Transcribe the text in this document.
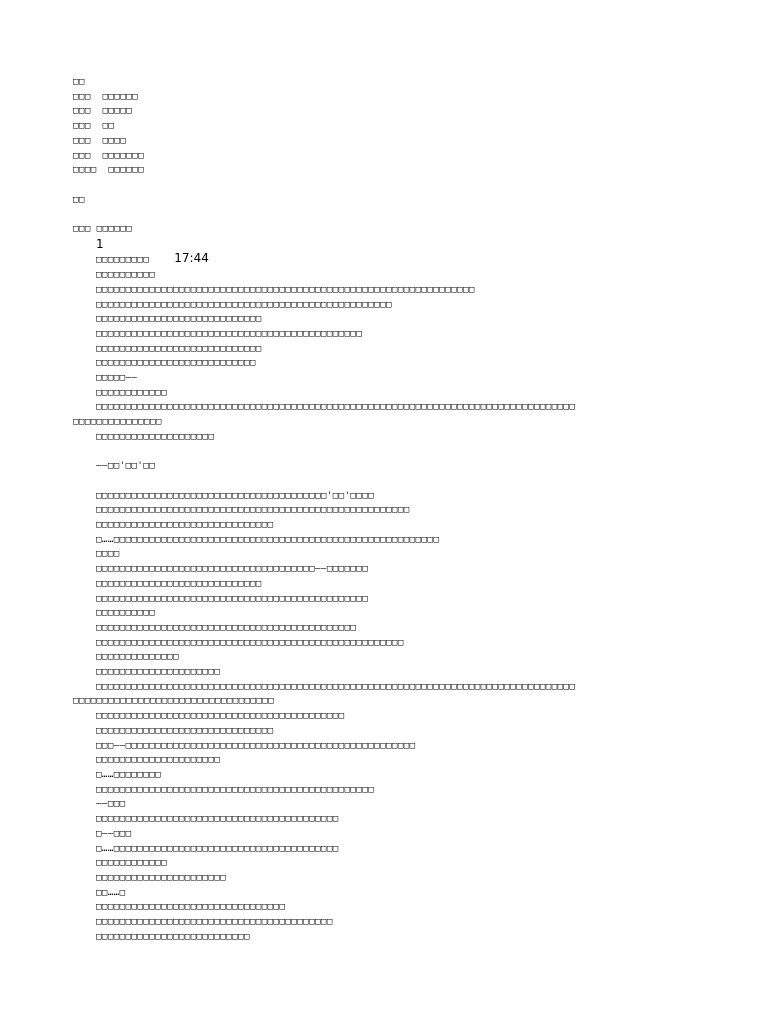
□□
□□□  □□□□□□
□□□  □□□□□
□□□  □□
□□□  □□□□
□□□  □□□□□□□
□□□□  □□□□□□
□□
□□□ □□□□□□
1
□□□□□□□□□ 17:44
□□□□□□□□□□
□□□□□□□□□□□□□□□□□□□□□□□□□□□□□□□□□□□□□□□□□□□□□□□□□□□□□□□□□□□□□□□□
□□□□□□□□□□□□□□□□□□□□□□□□□□□□□□□□□□□□□□□□□□□□□□□□□□
□□□□□□□□□□□□□□□□□□□□□□□□□□□□
□□□□□□□□□□□□□□□□□□□□□□□□□□□□□□□□□□□□□□□□□□□□□
□□□□□□□□□□□□□□□□□□□□□□□□□□□□
□□□□□□□□□□□□□□□□□□□□□□□□□□□
□□□□□——
□□□□□□□□□□□□
□□□□□□□□□□□□□□□□□□□□□□□□□□□□□□□□□□□□□□□□□□□□□□□□□□□□□□□□□□□□□□□□□□□□□□□□□□□□□□□□□
□□□□□□□□□□□□□□□
□□□□□□□□□□□□□□□□□□□□
——□□'□□'□□
□□□□□□□□□□□□□□□□□□□□□□□□□□□□□□□□□□□□□□□'□□'□□□□
□□□□□□□□□□□□□□□□□□□□□□□□□□□□□□□□□□□□□□□□□□□□□□□□□□□□□
□□□□□□□□□□□□□□□□□□□□□□□□□□□□□□
□……□□□□□□□□□□□□□□□□□□□□□□□□□□□□□□□□□□□□□□□□□□□□□□□□□□□□□□□
□□□□
□□□□□□□□□□□□□□□□□□□□□□□□□□□□□□□□□□□□□——□□□□□□□
□□□□□□□□□□□□□□□□□□□□□□□□□□□□
□□□□□□□□□□□□□□□□□□□□□□□□□□□□□□□□□□□□□□□□□□□□□□
□□□□□□□□□□
□□□□□□□□□□□□□□□□□□□□□□□□□□□□□□□□□□□□□□□□□□□□
□□□□□□□□□□□□□□□□□□□□□□□□□□□□□□□□□□□□□□□□□□□□□□□□□□□□
□□□□□□□□□□□□□□
□□□□□□□□□□□□□□□□□□□□□
□□□□□□□□□□□□□□□□□□□□□□□□□□□□□□□□□□□□□□□□□□□□□□□□□□□□□□□□□□□□□□□□□□□□□□□□□□□□□□□□□
□□□□□□□□□□□□□□□□□□□□□□□□□□□□□□□□□□
□□□□□□□□□□□□□□□□□□□□□□□□□□□□□□□□□□□□□□□□□□
□□□□□□□□□□□□□□□□□□□□□□□□□□□□□□
□□□——□□□□□□□□□□□□□□□□□□□□□□□□□□□□□□□□□□□□□□□□□□□□□□□□□
□□□□□□□□□□□□□□□□□□□□□
□……□□□□□□□□
□□□□□□□□□□□□□□□□□□□□□□□□□□□□□□□□□□□□□□□□□□□□□□□
——□□□
□□□□□□□□□□□□□□□□□□□□□□□□□□□□□□□□□□□□□□□□□
□——□□□
□……□□□□□□□□□□□□□□□□□□□□□□□□□□□□□□□□□□□□□□
□□□□□□□□□□□□
□□□□□□□□□□□□□□□□□□□□□□
□□……□
□□□□□□□□□□□□□□□□□□□□□□□□□□□□□□□□
□□□□□□□□□□□□□□□□□□□□□□□□□□□□□□□□□□□□□□□□
□□□□□□□□□□□□□□□□□□□□□□□□□□
